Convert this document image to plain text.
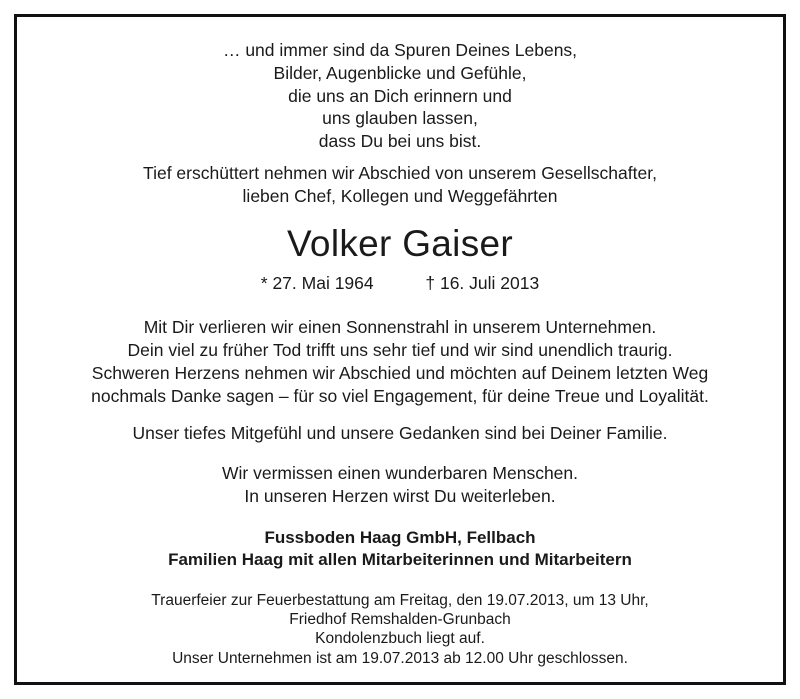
… und immer sind da Spuren Deines Lebens,
Bilder, Augenblicke und Gefühle,
die uns an Dich erinnern und
uns glauben lassen,
dass Du bei uns bist.
Tief erschüttert nehmen wir Abschied von unserem Gesellschafter,
lieben Chef, Kollegen und Weggefährten
Volker Gaiser
* 27. Mai 1964	† 16. Juli 2013
Mit Dir verlieren wir einen Sonnenstrahl in unserem Unternehmen.
Dein viel zu früher Tod trifft uns sehr tief und wir sind unendlich traurig.
Schweren Herzens nehmen wir Abschied und möchten auf Deinem letzten Weg
nochmals Danke sagen – für so viel Engagement, für deine Treue und Loyalität.
Unser tiefes Mitgefühl und unsere Gedanken sind bei Deiner Familie.
Wir vermissen einen wunderbaren Menschen.
In unseren Herzen wirst Du weiterleben.
Fussboden Haag GmbH, Fellbach
Familien Haag mit allen Mitarbeiterinnen und Mitarbeitern
Trauerfeier zur Feuerbestattung am Freitag, den 19.07.2013, um 13 Uhr,
Friedhof Remshalden-Grunbach
Kondolenzbuch liegt auf.
Unser Unternehmen ist am 19.07.2013 ab 12.00 Uhr geschlossen.
